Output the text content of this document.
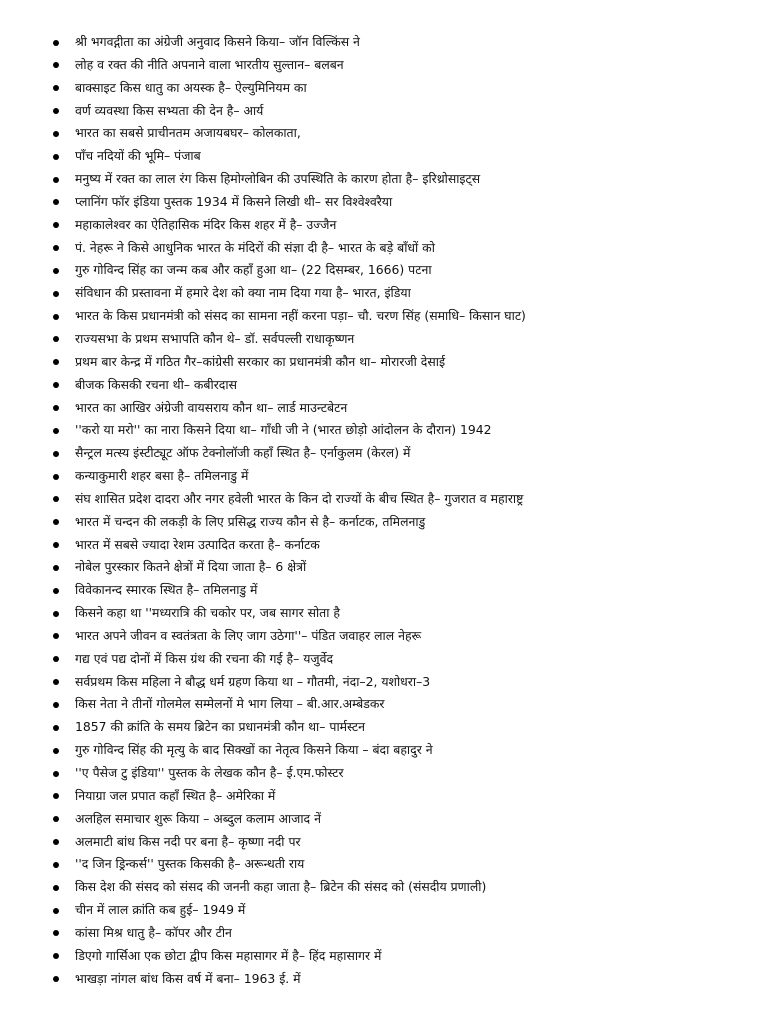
श्री भगवद्गीता का अंग्रेजी अनुवाद किसने किया– जॉन विल्किंस ने
लोह व रक्त की नीति अपनाने वाला भारतीय सुल्तान– बलबन
बाक्साइट किस धातु का अयस्क है– ऐल्युमिनियम का
वर्ण व्यवस्था किस सभ्यता की देन है– आर्य
भारत का सबसे प्राचीनतम अजायबघर– कोलकाता,
पाँच नदियों की भूमि– पंजाब
मनुष्य में रक्त का लाल रंग किस हिमोग्लोबिन की उपस्थिति के कारण होता है– इरिथ्रोसाइट्स
प्लानिंग फॉर इंडिया पुस्तक 1934 में किसने लिखी थी– सर विश्वेश्वरैया
महाकालेश्वर का ऐतिहासिक मंदिर किस शहर में है– उज्जैन
पं. नेहरू ने किसे आधुनिक भारत के मंदिरों की संज्ञा दी है– भारत के बड़े बाँधों को
गुरु गोविन्द सिंह का जन्म कब और कहाँ हुआ था– (22 दिसम्बर, 1666) पटना
संविधान की प्रस्तावना में हमारे देश को क्या नाम दिया गया है– भारत, इंडिया
भारत के किस प्रधानमंत्री को संसद का सामना नहीं करना पड़ा– चौ. चरण सिंह (समाधि– किसान घाट)
राज्यसभा के प्रथम सभापति कौन थे– डॉ. सर्वपल्ली राधाकृष्णन
प्रथम बार केन्द्र में गठित गैर–कांग्रेसी सरकार का प्रधानमंत्री कौन था– मोरारजी देसाई
बीजक किसकी रचना थी– कबीरदास
भारत का आखिर अंग्रेजी वायसराय कौन था– लार्ड माउन्टबेटन
''करो या मरो'' का नारा किसने दिया था– गाँधी जी ने (भारत छोड़ो आंदोलन के दौरान) 1942
सैन्ट्रल मत्स्य इंस्टीट्यूट ऑफ टेक्नोलॉजी कहाँ स्थित है– एर्नाकुलम (केरल) में
कन्याकुमारी शहर बसा है– तमिलनाडु में
संघ शासित प्रदेश दादरा और नगर हवेली भारत के किन दो राज्यों के बीच स्थित है– गुजरात व महाराष्ट्र
भारत में चन्दन की लकड़ी के लिए प्रसिद्ध राज्य कौन से है– कर्नाटक, तमिलनाडु
भारत में सबसे ज्यादा रेशम उत्पादित करता है– कर्नाटक
नोबेल पुरस्कार कितने क्षेत्रों में दिया जाता है– 6 क्षेत्रों
विवेकानन्द स्मारक स्थित है– तमिलनाडु में
किसने कहा था ''मध्यरात्रि की चकोर पर, जब सागर सोता है
भारत अपने जीवन व स्वतंत्रता के लिए जाग उठेगा''– पंडित जवाहर लाल नेहरू
गद्य एवं पद्य दोनों में किस ग्रंथ की रचना की गई है– यजुर्वेद
सर्वप्रथम किस महिला ने बौद्ध धर्म ग्रहण किया था – गौतमी, नंदा–2, यशोधरा–3
किस नेता ने तीनों गोलमेल सम्मेलनों मे भाग लिया – बी.आर.अम्बेडकर
1857 की क्रांति के समय ब्रिटेन का प्रधानमंत्री कौन था– पार्मस्टन
गुरु गोविन्द सिंह की मृत्यु के बाद सिक्खों का नेतृत्व किसने किया – बंदा बहादुर ने
''ए पैसेज टु इंडिया'' पुस्तक के लेखक कौन है– ई.एम.फोस्टर
नियाग्रा जल प्रपात कहाँ स्थित है– अमेरिका में
अलहिल समाचार शुरू किया – अब्दुल कलाम आजाद नें
अलमाटी बांध किस नदी पर बना है– कृष्णा नदी पर
''द जिन ड्रिन्कर्स'' पुस्तक किसकी है– अरून्धती राय
किस देश की संसद को संसद की जननी कहा जाता है– ब्रिटेन की संसद को (संसदीय प्रणाली)
चीन में लाल क्रांति कब हुई– 1949 में
कांसा मिश्र धातु है– कॉपर और टीन
डिएगो गार्सिआ एक छोटा द्वीप किस महासागर में है– हिंद महासागर में
भाखड़ा नांगल बांध किस वर्ष में बना– 1963 ई. में
